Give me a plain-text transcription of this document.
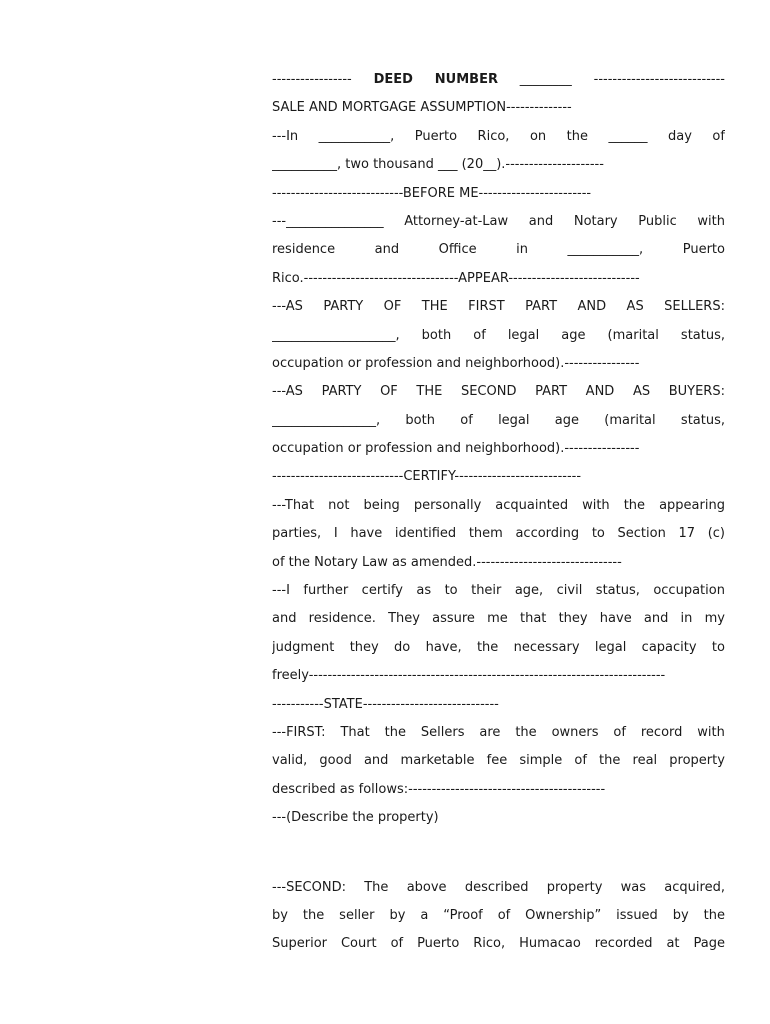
----------------- DEED NUMBER ________ ----------------------------
SALE AND MORTGAGE ASSUMPTION--------------
---In ___________, Puerto Rico, on the ______ day of
__________, two thousand ___ (20__).---------------------
----------------------------BEFORE ME------------------------
---_______________ Attorney-at-Law and Notary Public with
residence	and	Office	in	___________,	Puerto
Rico.---------------------------------APPEAR----------------------------
---AS PARTY OF THE FIRST PART AND AS SELLERS:
___________________, both of legal age (marital status,
occupation or profession and neighborhood).----------------
---AS PARTY OF THE SECOND PART AND AS BUYERS:
________________, both of legal age (marital status,
occupation or profession and neighborhood).----------------
----------------------------CERTIFY---------------------------
---That not being personally acquainted with the appearing
parties, I have identified them according to Section 17 (c)
of the Notary Law as amended.-------------------------------
---I further certify as to their age, civil status, occupation
and residence. They assure me that they have and in my
judgment they do have, the necessary legal capacity to
freely----------------------------------------------------------------------------
-----------STATE-----------------------------
---FIRST: That the Sellers are the owners of record with
valid, good and marketable fee simple of the real property
described as follows:------------------------------------------
---(Describe the property)
---SECOND: The above described property was acquired,
by the seller by a “Proof of Ownership” issued by the
Superior Court of Puerto Rico, Humacao recorded at Page
